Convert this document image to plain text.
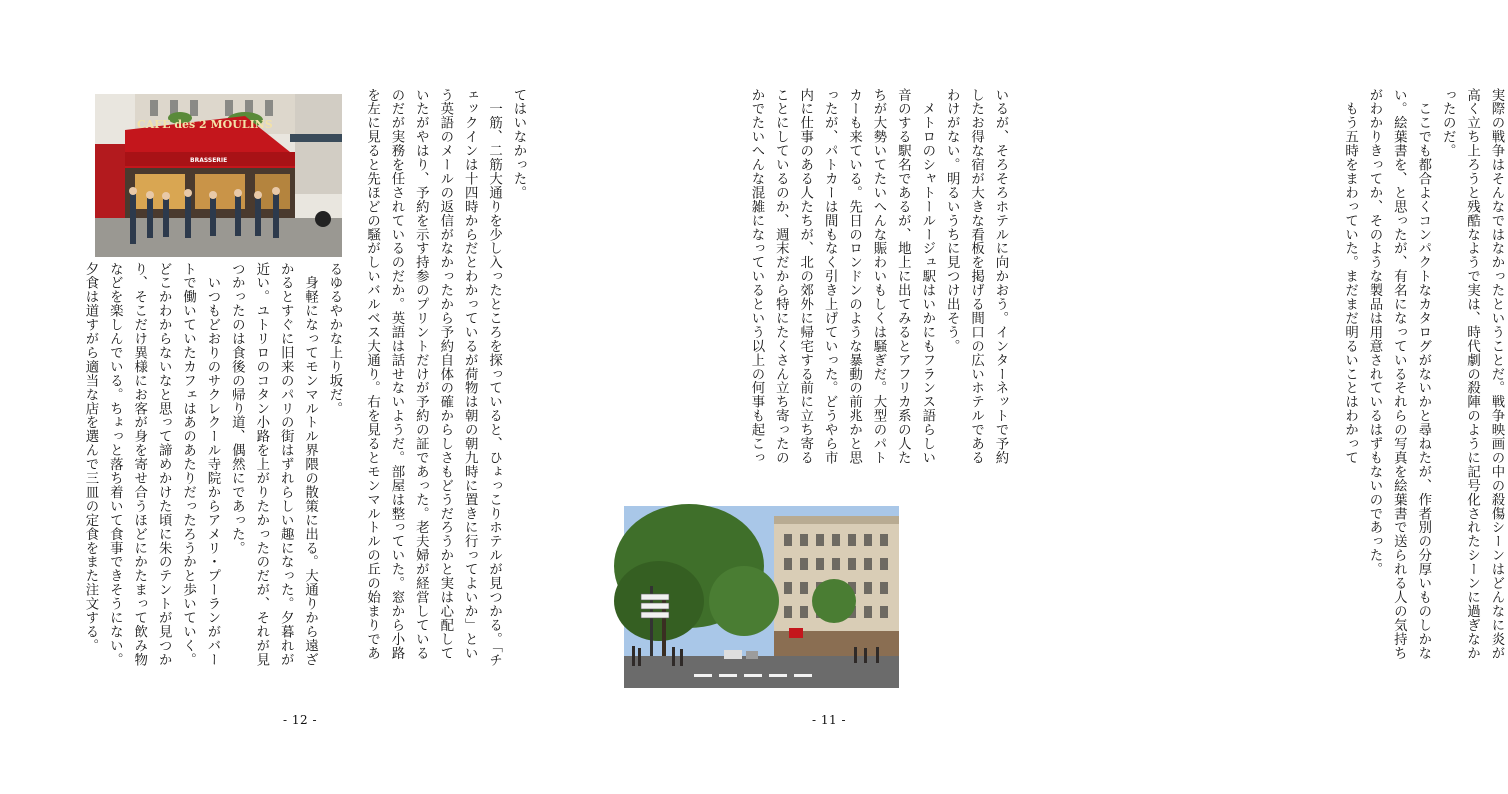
実際の戦争はそんなではなかったということだ。戦争映画の中の殺傷シーンはどんなに炎が
高く立ち上ろうと残酷なようで実は、時代劇の殺陣のように記号化されたシーンに過ぎなか
ったのだ。
　ここでも都合よくコンパクトなカタログがないかと尋ねたが、作者別の分厚いものしかな
い。絵葉書を、と思ったが、有名になっているそれらの写真を絵葉書で送られる人の気持ち
がわかりきってか、そのような製品は用意されているはずもないのであった。
　もう五時をまわっていた。まだまだ明るいことはわかって
いるが、そろそろホテルに向かおう。インターネットで予約
したお得な宿が大きな看板を掲げる間口の広いホテルである
わけがない。明るいうちに見つけ出そう。
　メトロのシャトールージュ駅はいかにもフランス語らしい
音のする駅名であるが、地上に出てみるとアフリカ系の人た
ちが大勢いてたいへんな賑わいもしくは騒ぎだ。大型のパト
カーも来ている。先日のロンドンのような暴動の前兆かと思
ったが、パトカーは間もなく引き上げていった。どうやら市
内に仕事のある人たちが、北の郊外に帰宅する前に立ち寄る
ことにしているのか、週末だから特にたくさん立ち寄ったの
かでたいへんな混雑になっているという以上の何事も起こっ
- 11 -
てはいなかった。
　一筋、二筋大通りを少し入ったところを探っていると、ひょっこりホテルが見つかる。「チ
ェックインは十四時からだとわかっているが荷物は朝の朝九時に置きに行ってよいか」とい
う英語のメールの返信がなかったから予約自体の確からしさもどうだろうかと実は心配して
いたがやはり、予約を示す持参のプリントだけが予約の証であった。老夫婦が経営している
のだが実務を任されているのだか。英語は話せないようだ。部屋は整っていた。窓から小路
を左に見ると先ほどの騒がしいバルベス大通り。右を見るとモンマルトルの丘の始まりであ
るゆるやかな上り坂だ。
　身軽になってモンマルトル界隈の散策に出る。大通りから遠ざ
かるとすぐに旧来のパリの街はずれらしい趣になった。夕暮れが
近い。ユトリロのコタン小路を上がりたかったのだが、それが見
つかったのは食後の帰り道、偶然にであった。
　いつもどおりのサクレクール寺院からアメリ・プーランがバー
トで働いていたカフェはあのあたりだったろうかと歩いていく。
どこかわからないなと思って諦めかけた頃に朱のテントが見つか
り、そこだけ異様にお客が身を寄せ合うほどにかたまって飲み物
などを楽しんでいる。ちょっと落ち着いて食事できそうにない。
夕食は道すがら適当な店を選んで三皿の定食をまた注文する。
CAFE des 2 MOULINS
BRASSERIE
- 12 -
